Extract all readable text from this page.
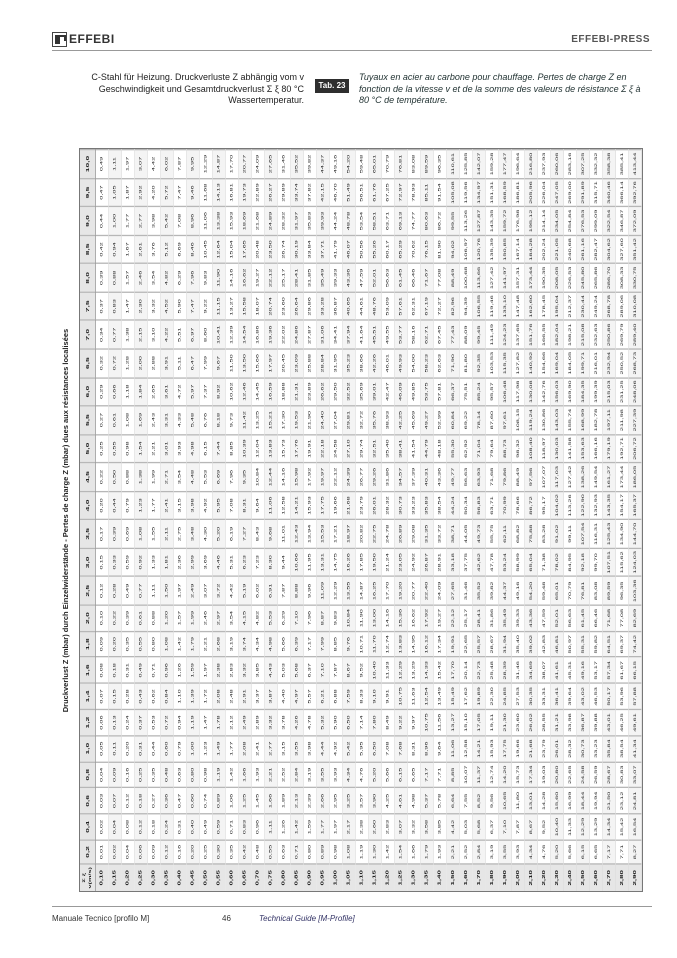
EFFEBI	EFFEBI-PRESS
C-Stahl für Heizung. Druckverluste Z abhängig vom v Geschwindigkeit und Gesamtdruckverlust Σ ξ 80 °C Wassertemperatur.
Tab. 23
Tuyaux en acier au carbone pour chauffage. Pertes de charge Z en fonction de la vitesse v et de la somme des valeurs de résistance Σ ξ à 80 °C de température.
Druckverlust Z (mbar) durch Einzelwiderstände - Pertes de charge Z (mbar) dues aux résistances localisées
Σ ξ v(m/s)	0,2	0,4	0,6	0,8	1,0	1,2	1,4	1,6	1,8	2,0	2,5	3,0	3,5	4,0	4,5	5,0	5,5	6,0	6,5	7,0	7,5	8,0	8,5	9,0	9,5	10,0
0,10	0,01	0,02	0,03	0,04	0,05	0,06	0,07	0,08	0,09	0,10	0,12	0,15	0,17	0,20	0,22	0,25	0,27	0,29	0,32	0,34	0,37	0,39	0,42	0,44	0,47	0,49
0,15	0,02	0,04	0,07	0,09	0,11	0,13	0,15	0,18	0,20	0,22	0,28	0,33	0,39	0,44	0,50	0,55	0,61	0,66	0,72	0,77	0,83	0,88	0,94	1,00	1,05	1,11
0,20	0,04	0,08	0,12	0,16	0,20	0,24	0,28	0,31	0,35	0,39	0,49	0,59	0,69	0,79	0,88	0,98	1,08	1,18	1,28	1,38	1,47	1,57	1,67	1,77	1,87	1,97
0,25	0,06	0,12	0,18	0,25	0,31	0,37	0,43	0,49	0,55	0,61	0,77	0,92	1,08	1,23	1,38	1,54	1,69	1,84	2,00	2,15	2,30	2,46	2,61	2,77	2,92	3,07
0,30	0,09	0,18	0,27	0,35	0,44	0,53	0,62	0,71	0,80	0,88	1,11	1,33	1,55	1,77	1,99	2,21	2,43	2,65	2,88	3,10	3,32	3,54	3,76	3,98	4,20	4,42
0,35	0,12	0,24	0,36	0,48	0,60	0,72	0,84	0,96	1,08	1,20	1,50	1,81	2,11	2,41	2,71	3,01	3,31	3,61	3,91	4,22	4,52	4,82	5,12	5,42	5,72	6,02
0,40	0,16	0,31	0,47	0,63	0,79	0,94	1,10	1,26	1,42	1,57	1,97	2,36	2,75	3,15	3,54	3,93	4,33	4,72	5,11	5,51	5,90	6,29	6,69	7,08	7,47	7,87
0,45	0,20	0,40	0,60	0,80	1,00	1,19	1,39	1,59	1,79	1,99	2,49	2,99	3,48	3,98	4,48	4,98	5,48	5,97	6,47	6,97	7,47	7,96	8,46	8,96	9,46	9,95
0,50	0,25	0,49	0,74	0,98	1,23	1,47	1,72	1,97	2,21	2,46	3,07	3,69	4,30	4,92	5,53	6,15	6,76	7,37	7,99	8,60	9,22	9,83	10,45	11,06	11,68	12,29
0,55	0,30	0,59	0,89	1,19	1,49	1,78	2,08	2,38	2,68	2,97	3,72	4,46	5,20	5,95	6,69	7,44	8,18	8,92	9,67	10,41	11,15	11,90	12,64	13,38	14,13	14,87
0,60	0,35	0,71	1,06	1,42	1,77	2,12	2,48	2,83	3,19	3,54	4,42	5,31	6,19	7,08	7,96	8,85	9,73	10,62	11,50	12,39	13,27	14,16	15,04	15,93	16,81	17,70
0,65	0,42	0,83	1,25	1,66	2,08	2,49	2,91	3,32	3,74	4,15	5,19	6,23	7,27	8,31	9,35	10,39	11,42	12,46	13,50	14,54	15,58	16,62	17,65	18,69	19,73	20,77
0,70	0,48	0,96	1,45	1,93	2,41	2,89	3,37	3,85	4,34	4,82	6,02	7,23	8,43	9,64	10,84	12,04	13,25	14,45	15,66	16,86	18,07	19,27	20,48	21,68	22,89	24,09
0,75	0,55	1,11	1,66	2,21	2,77	3,32	3,87	4,43	4,98	5,53	6,91	8,30	9,68	11,06	12,44	13,83	15,21	16,59	17,97	19,36	20,74	22,12	23,50	24,89	26,27	27,65
0,80	0,63	1,26	1,89	2,52	3,15	3,78	4,40	5,03	5,66	6,29	7,87	9,44	11,01	12,58	14,16	15,73	17,30	18,88	20,45	22,02	23,60	25,17	26,74	28,32	29,89	31,46
0,85	0,71	1,42	2,13	2,84	3,55	4,26	4,97	5,68	6,39	7,10	8,88	10,66	12,43	14,21	15,98	17,76	19,53	21,31	23,09	24,86	26,64	28,41	30,19	31,97	33,74	35,52
0,90	0,80	1,59	2,39	3,19	3,98	4,78	5,57	6,37	7,17	7,96	9,96	11,95	13,94	15,93	17,92	19,91	21,90	23,89	25,88	27,87	29,86	31,85	33,84	35,83	37,82	39,82
0,95	0,89	1,77	2,66	3,55	4,44	5,32	6,21	7,10	7,99	8,87	11,09	13,31	15,53	17,75	19,97	22,18	24,40	26,62	28,84	31,06	33,28	35,49	37,71	39,93	42,15	44,37
1,00	0,98	1,97	2,95	3,93	4,92	5,90	6,88	7,87	8,85	9,83	12,29	14,75	17,21	19,66	22,12	24,58	27,04	29,50	31,95	34,41	36,87	39,33	41,79	44,24	46,70	49,16
1,05	1,08	2,17	3,25	4,34	5,42	6,50	7,59	8,67	9,76	10,84	13,55	16,26	18,97	21,68	24,39	27,10	29,81	32,52	35,23	37,94	40,65	43,36	46,07	48,78	51,49	54,20
1,10	1,19	2,38	3,57	4,76	5,95	7,14	8,33	9,52	10,71	11,90	14,87	17,85	20,82	23,79	26,77	29,74	32,72	35,69	38,66	41,64	44,61	47,59	50,56	53,54	56,51	59,48
1,15	1,30	2,60	3,90	5,20	6,50	7,80	9,10	10,40	11,70	13,00	16,25	19,50	22,75	26,01	29,26	32,51	35,76	39,01	42,26	45,51	48,76	52,01	55,26	58,51	61,76	65,01
1,20	1,42	2,83	4,25	5,66	7,08	8,49	9,91	11,33	12,74	14,16	17,70	21,24	24,78	28,32	31,86	35,40	38,93	42,47	46,01	49,55	53,09	56,63	60,17	63,71	67,25	70,79
1,25	1,54	3,07	4,61	6,15	7,68	9,22	10,75	12,29	13,83	15,36	19,20	23,05	26,89	30,73	34,57	38,41	42,25	46,09	49,93	53,77	57,61	61,45	65,29	69,13	72,97	76,81
1,30	1,66	3,32	4,98	6,65	8,31	9,97	11,63	13,29	14,95	16,62	20,77	24,92	29,08	33,23	37,39	41,54	45,69	49,85	54,00	58,16	62,31	66,46	70,62	74,77	78,93	83,08
1,35	1,79	3,58	5,37	7,17	8,96	10,75	12,54	14,33	16,12	17,92	22,40	26,87	31,35	35,83	40,31	44,79	49,27	53,75	58,23	62,71	67,19	71,67	76,15	80,63	85,11	89,59
1,40	1,93	3,85	5,78	7,71	9,64	11,56	13,49	15,42	17,34	19,27	24,09	28,91	33,72	38,54	43,36	48,18	52,99	57,81	62,63	67,45	72,27	77,08	81,90	86,72	91,54	96,35
1,50	2,21	4,42	6,64	8,85	11,06	13,27	15,49	17,70	19,91	22,12	27,65	33,18	38,71	44,24	49,77	55,30	60,84	66,37	71,90	77,43	82,96	88,49	94,02	99,55	105,08	110,61
1,60	2,52	5,03	7,55	10,07	12,58	15,10	17,62	20,14	22,65	25,17	31,46	37,75	44,05	50,34	56,63	62,92	69,22	75,51	81,80	88,09	94,39	100,68	106,97	113,26	119,56	125,85
1,70	2,84	5,68	8,52	11,37	14,21	17,05	19,89	22,73	25,57	28,41	35,52	42,62	49,73	56,83	63,93	71,04	78,14	85,24	92,35	99,45	106,55	113,66	120,76	127,87	134,97	142,07
1,80	3,19	6,37	9,56	12,74	15,93	19,11	22,30	25,48	28,67	31,86	39,82	47,78	55,75	63,71	71,68	79,64	87,60	95,57	103,53	111,49	119,46	127,42	135,39	143,35	151,31	159,28
1,90	3,55	7,10	10,65	14,20	17,75	21,30	24,85	28,39	31,94	35,49	44,37	53,24	62,11	70,99	79,86	88,73	97,61	106,48	115,35	124,23	133,10	141,97	150,85	159,72	168,59	177,47
2,00	3,93	7,87	11,80	15,73	19,66	23,60	27,53	31,46	35,40	39,33	49,16	58,99	68,82	78,66	88,49	98,32	108,15	117,98	127,82	137,65	147,48	157,31	167,14	176,98	186,81	196,64
2,10	4,34	8,67	13,01	17,34	21,68	26,02	30,35	34,69	39,02	43,36	54,20	65,04	75,88	86,72	97,56	108,40	119,24	130,08	140,92	151,76	162,60	173,44	184,28	195,12	205,96	216,80
2,20	4,76	9,52	14,28	19,03	23,79	28,55	33,31	38,07	42,83	47,59	59,48	71,38	83,28	95,17	107,07	118,97	130,86	142,76	154,66	166,55	178,45	190,35	202,24	214,14	226,04	237,93
2,30	5,20	10,40	15,60	20,80	26,01	31,21	36,41	41,61	46,81	52,01	65,01	78,02	91,02	104,02	117,03	130,03	143,03	156,03	169,04	182,04	195,04	208,05	221,05	234,05	247,05	260,06
2,40	5,66	11,33	16,99	22,65	28,32	33,98	39,64	45,31	50,97	56,63	70,79	84,95	99,11	113,26	127,42	141,58	155,74	169,90	184,05	198,21	212,37	226,53	240,68	254,84	269,00	283,16
2,50	6,15	12,29	18,44	24,58	30,73	36,87	43,02	49,16	55,31	61,45	76,81	92,18	107,54	122,90	138,26	153,63	168,99	184,35	199,71	215,08	230,44	245,80	261,16	276,53	291,89	307,25
2,60	6,65	13,29	19,94	26,59	33,23	39,88	46,53	53,17	59,82	66,46	83,08	99,70	116,31	132,93	149,54	166,16	182,78	199,39	216,01	232,63	249,24	265,86	282,47	299,09	315,71	332,32
2,70	7,17	14,34	21,50	28,67	35,84	43,01	50,17	57,34	64,51	71,68	89,59	107,51	125,43	143,35	161,27	179,19	197,11	215,03	232,94	250,86	268,78	286,70	304,62	322,54	340,46	358,38
2,80	7,71	15,42	23,12	30,83	38,54	46,25	53,96	61,67	69,37	77,08	96,35	115,62	134,90	154,17	173,44	192,71	211,98	231,25	250,52	269,79	289,06	308,33	327,60	346,87	366,14	385,41
2,90	8,27	16,54	24,81	33,07	41,34	49,61	57,88	66,15	74,42	82,69	103,36	124,03	144,70	165,37	186,05	206,72	227,39	248,06	268,73	289,40	310,08	330,75	351,42	372,09	392,76	413,44
Manuale Tecnico [profilo M]	46	Technical Guide [M-Profile]
